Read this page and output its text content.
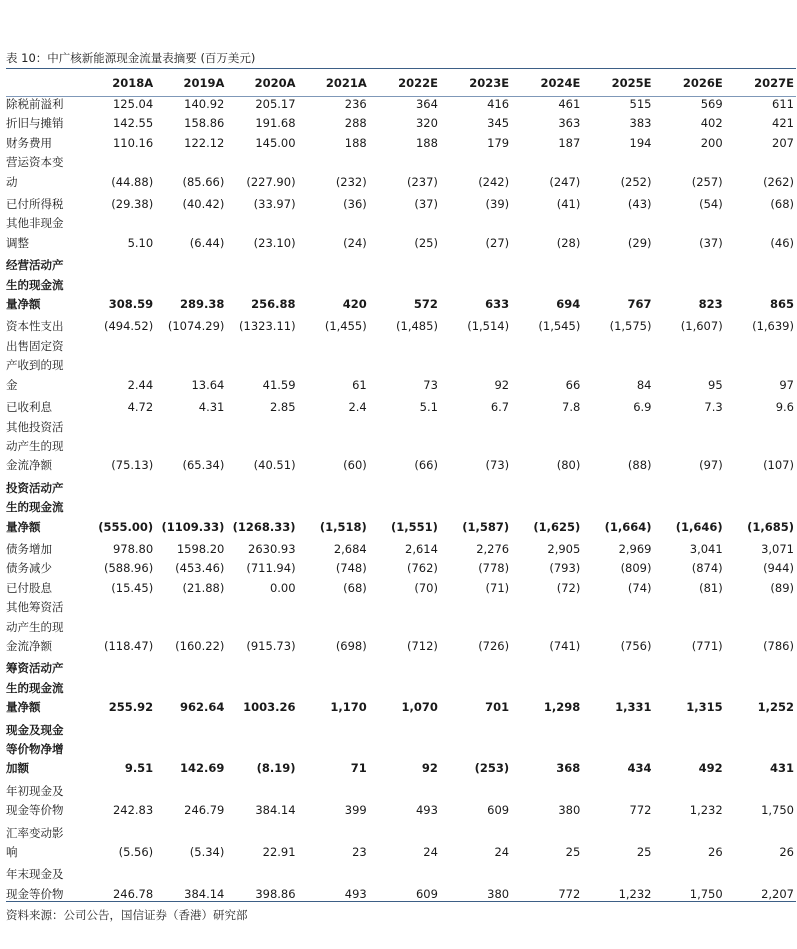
表 10：中广核新能源现金流量表摘要 (百万美元)
	2018A	2019A	2020A	2021A	2022E	2023E	2024E	2025E	2026E	2027E

除税前溢利	125.04	140.92	205.17	236	364	416	461	515	569	611

折旧与摊销	142.55	158.86	191.68	288	320	345	363	383	402	421

财务费用	110.16	122.12	145.00	188	188	179	187	194	200	207

营运资本变
动	(44.88)	(85.66)	(227.90)	(232)	(237)	(242)	(247)	(252)	(257)	(262)

已付所得税	(29.38)	(40.42)	(33.97)	(36)	(37)	(39)	(41)	(43)	(54)	(68)

其他非现金
调整	5.10	(6.44)	(23.10)	(24)	(25)	(27)	(28)	(29)	(37)	(46)

经营活动产
生的现金流
量净额	308.59	289.38	256.88	420	572	633	694	767	823	865

资本性支出	(494.52)	(1074.29)	(1323.11)	(1,455)	(1,485)	(1,514)	(1,545)	(1,575)	(1,607)	(1,639)

出售固定资
产收到的现
金	2.44	13.64	41.59	61	73	92	66	84	95	97

已收利息	4.72	4.31	2.85	2.4	5.1	6.7	7.8	6.9	7.3	9.6

其他投资活
动产生的现
金流净额	(75.13)	(65.34)	(40.51)	(60)	(66)	(73)	(80)	(88)	(97)	(107)

投资活动产
生的现金流
量净额	(555.00)	(1109.33)	(1268.33)	(1,518)	(1,551)	(1,587)	(1,625)	(1,664)	(1,646)	(1,685)

债务增加	978.80	1598.20	2630.93	2,684	2,614	2,276	2,905	2,969	3,041	3,071

债务减少	(588.96)	(453.46)	(711.94)	(748)	(762)	(778)	(793)	(809)	(874)	(944)

已付股息	(15.45)	(21.88)	0.00	(68)	(70)	(71)	(72)	(74)	(81)	(89)

其他筹资活
动产生的现
金流净额	(118.47)	(160.22)	(915.73)	(698)	(712)	(726)	(741)	(756)	(771)	(786)

筹资活动产
生的现金流
量净额	255.92	962.64	1003.26	1,170	1,070	701	1,298	1,331	1,315	1,252

现金及现金
等价物净增
加额	9.51	142.69	(8.19)	71	92	(253)	368	434	492	431

年初现金及
现金等价物	242.83	246.79	384.14	399	493	609	380	772	1,232	1,750

汇率变动影
响	(5.56)	(5.34)	22.91	23	24	24	25	25	26	26

年末现金及
现金等价物	246.78	384.14	398.86	493	609	380	772	1,232	1,750	2,207
资料来源：公司公告，国信证券（香港）研究部
